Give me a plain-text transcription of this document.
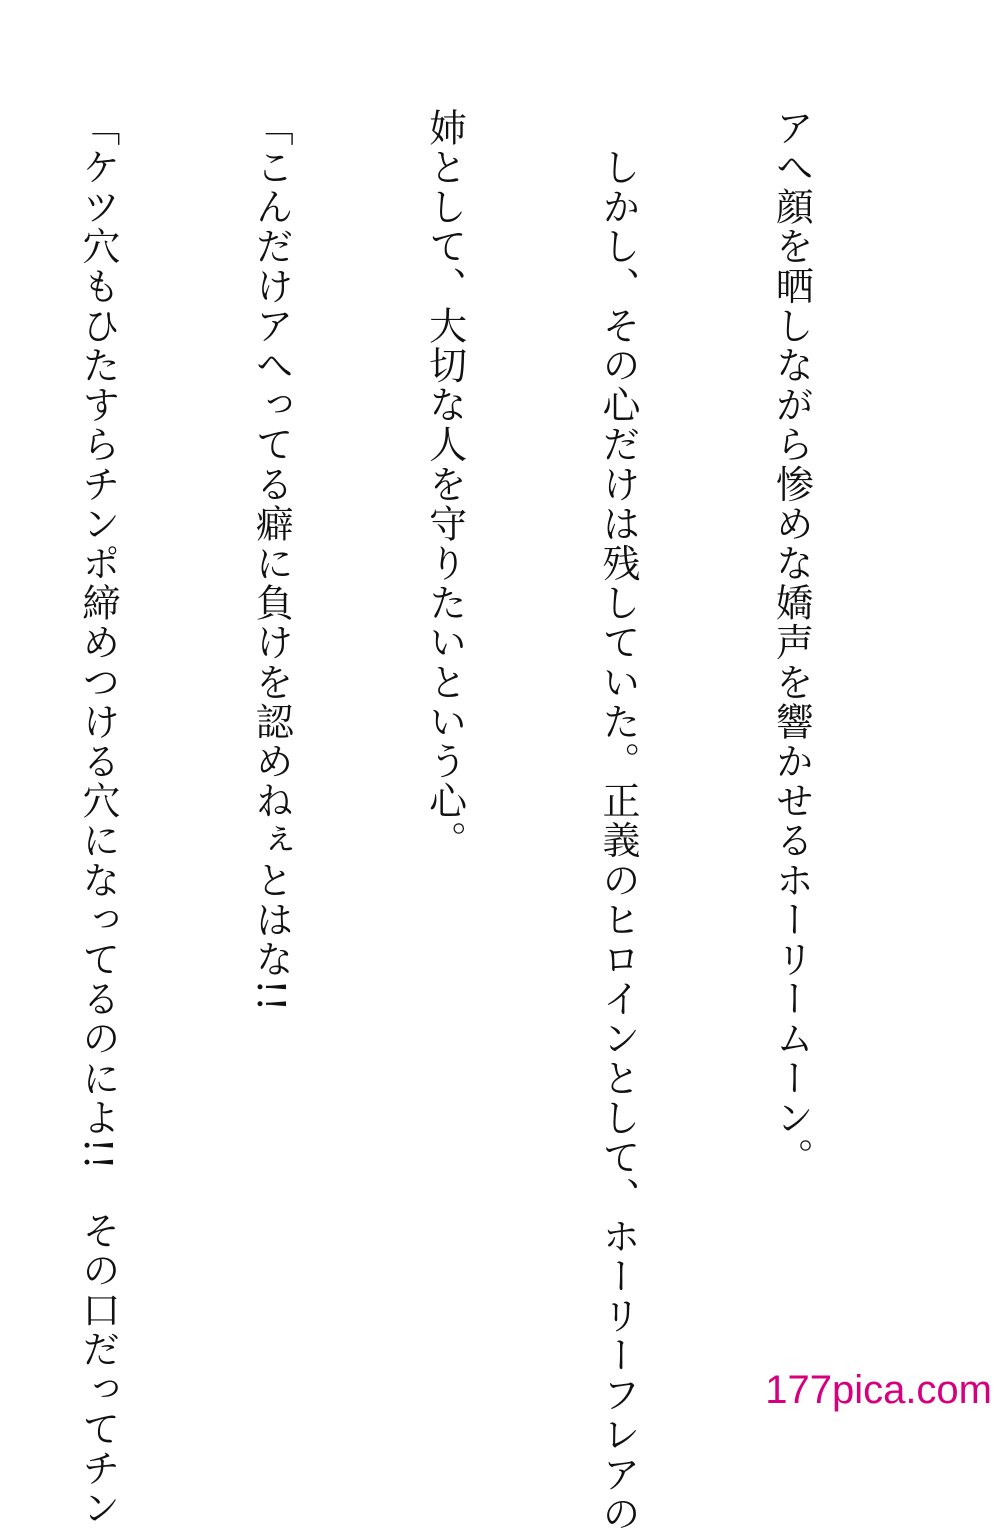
アへ顔を晒しながら惨めな嬌声を響かせるホーリームーン。

　しかし、その心だけは残していた。正義のヒロインとして、ホーリーフレアの

姉として、大切な人を守りたいという心。

「こんだけアへってる癖に負けを認めねぇとはな!!

「ケツ穴もひたすらチンポ締めつける穴になってるのによ!!　その口だってチン

	177pica.com
